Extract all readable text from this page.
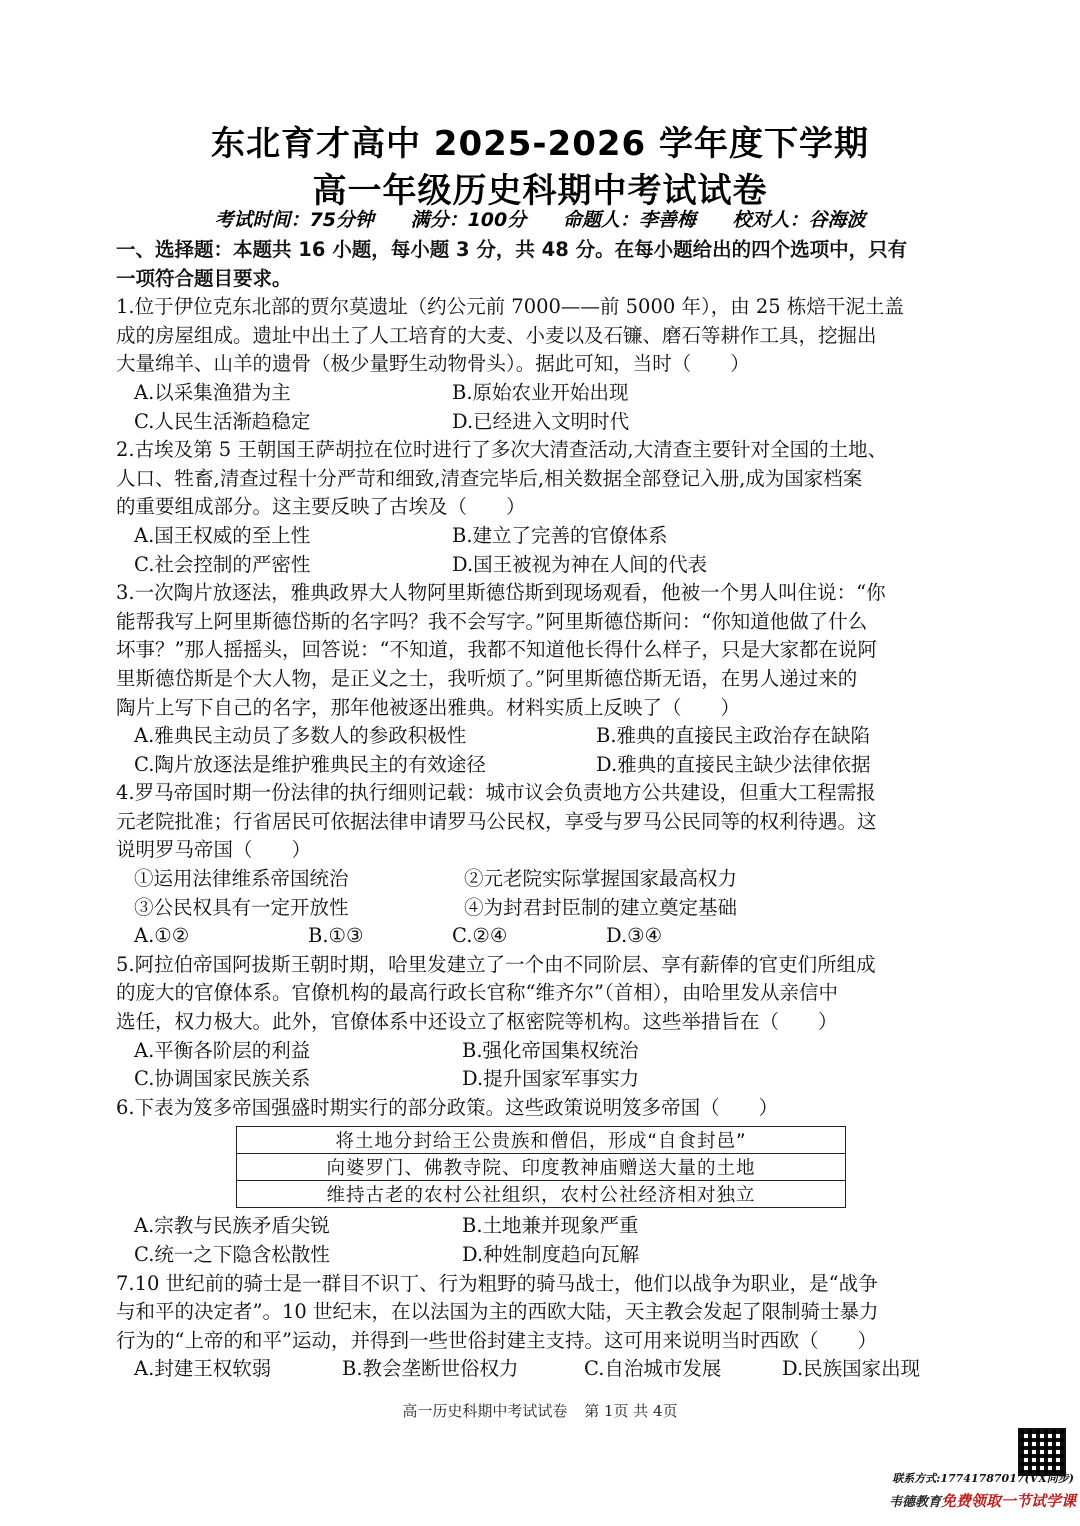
东北育才高中 2025-2026 学年度下学期
高一年级历史科期中考试试卷
考试时间：75分钟 满分：100分 命题人：李善梅 校对人：谷海波
一、选择题：本题共 16 小题，每小题 3 分，共 48 分。在每小题给出的四个选项中，只有
一项符合题目要求。
1.位于伊位克东北部的贾尔莫遗址（约公元前 7000——前 5000 年），由 25 栋焙干泥土盖
成的房屋组成。遗址中出土了人工培育的大麦、小麦以及石镰、磨石等耕作工具，挖掘出
大量绵羊、山羊的遗骨（极少量野生动物骨头）。据此可知，当时（　　）
A.以采集渔猎为主	B.原始农业开始出现
C.人民生活渐趋稳定	D.已经进入文明时代
2.古埃及第 5 王朝国王萨胡拉在位时进行了多次大清查活动,大清查主要针对全国的土地、
人口、牲畜,清查过程十分严苛和细致,清查完毕后,相关数据全部登记入册,成为国家档案
的重要组成部分。这主要反映了古埃及（　　）
A.国王权威的至上性	B.建立了完善的官僚体系
C.社会控制的严密性	D.国王被视为神在人间的代表
3.一次陶片放逐法，雅典政界大人物阿里斯德岱斯到现场观看，他被一个男人叫住说：“你
能帮我写上阿里斯德岱斯的名字吗？我不会写字。”阿里斯德岱斯问：“你知道他做了什么
坏事？”那人摇摇头，回答说：“不知道，我都不知道他长得什么样子，只是大家都在说阿
里斯德岱斯是个大人物，是正义之士，我听烦了。”阿里斯德岱斯无语，在男人递过来的
陶片上写下自己的名字，那年他被逐出雅典。材料实质上反映了（　　）
A.雅典民主动员了多数人的参政积极性	B.雅典的直接民主政治存在缺陷
C.陶片放逐法是维护雅典民主的有效途径	D.雅典的直接民主缺少法律依据
4.罗马帝国时期一份法律的执行细则记载：城市议会负责地方公共建设，但重大工程需报
元老院批准；行省居民可依据法律申请罗马公民权，享受与罗马公民同等的权利待遇。这
说明罗马帝国（　　）
①运用法律维系帝国统治	②元老院实际掌握国家最高权力
③公民权具有一定开放性	④为封君封臣制的建立奠定基础
A.①②	B.①③	C.②④	D.③④
5.阿拉伯帝国阿拔斯王朝时期，哈里发建立了一个由不同阶层、享有薪俸的官吏们所组成
的庞大的官僚体系。官僚机构的最高行政长官称“维齐尔”（首相），由哈里发从亲信中
选任，权力极大。此外，官僚体系中还设立了枢密院等机构。这些举措旨在（　　）
A.平衡各阶层的利益	B.强化帝国集权统治
C.协调国家民族关系	D.提升国家军事实力
6.下表为笈多帝国强盛时期实行的部分政策。这些政策说明笈多帝国（　　）
将土地分封给王公贵族和僧侣，形成“自食封邑”
向婆罗门、佛教寺院、印度教神庙赠送大量的土地
维持古老的农村公社组织，农村公社经济相对独立
A.宗教与民族矛盾尖锐	B.土地兼并现象严重
C.统一之下隐含松散性	D.种姓制度趋向瓦解
7.10 世纪前的骑士是一群目不识丁、行为粗野的骑马战士，他们以战争为职业，是“战争
与和平的决定者”。10 世纪末，在以法国为主的西欧大陆，天主教会发起了限制骑士暴力
行为的“上帝的和平”运动，并得到一些世俗封建主支持。这可用来说明当时西欧（　　）
A.封建王权软弱	B.教会垄断世俗权力	C.自治城市发展	D.民族国家出现
高一历史科期中考试试卷 第 1页 共 4页
联系方式:17741787017(VX同步)
韦德教育免费领取一节试学课
